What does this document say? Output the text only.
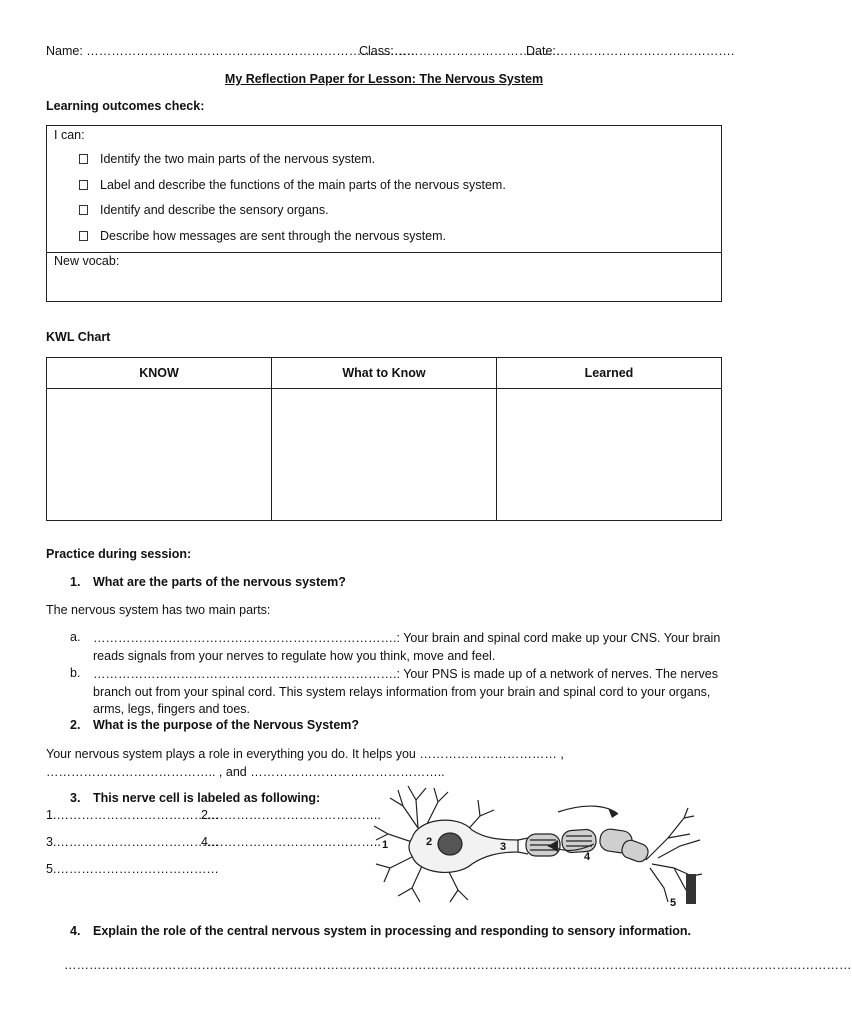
Name: …………………………………………………………………….
Class:………………………………….
Date:…………………………………….
My Reflection Paper for Lesson: The Nervous System
Learning outcomes check:
I can:
Identify the two main parts of the nervous system.
Label and describe the functions of the main parts of the nervous system.
Identify and describe the sensory organs.
Describe how messages are sent through the nervous system.
New vocab:
KWL Chart
KNOW	What to Know	Learned
Practice during session:
1. What are the parts of the nervous system?
The nervous system has two main parts:
a. ……………………………………………………………….: Your brain and spinal cord make up your CNS. Your brain reads signals from your nerves to regulate how you think, move and feel.
b. ……………………………………………………………….: Your PNS is made up of a network of nerves. The nerves branch out from your spinal cord. This system relays information from your brain and spinal cord to your organs, arms, legs, fingers and toes.
2. What is the purpose of the Nervous System?
Your nervous system plays a role in everything you do. It helps you …………………………… , ………………………………….. , and ………………………………………..
3. This nerve cell is labeled as following:
1.…………………………………
2.…………………………………..
3.…………………………………
4.…………………………………..
5.…………………………………
1	2	3
4
5
4. Explain the role of the central nervous system in processing and responding to sensory information.
………………………………………………………………………………………………………………………………………………………………………
